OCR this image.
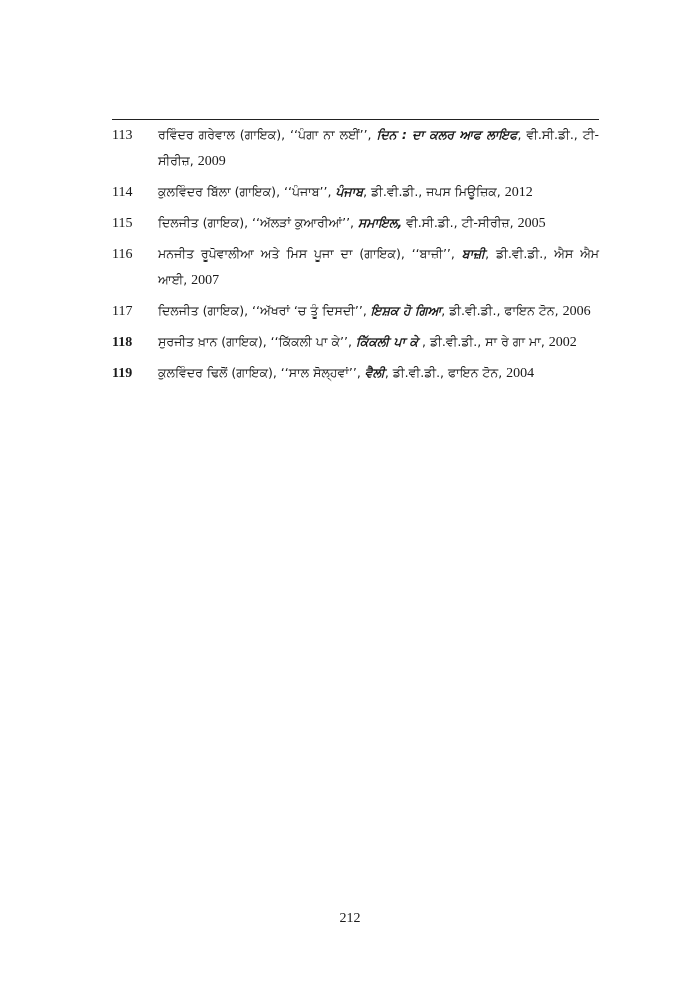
113	ਰਵਿੰਦਰ ਗਰੇਵਾਲ (ਗਾਇਕ), ‘‘ਪੰਗਾ ਨਾ ਲਈਂ’’, ਦਿਨ : ਦਾ ਕਲਰ ਆਫ ਲਾਇਫ, ਵੀ.ਸੀ.ਡੀ., ਟੀ-ਸੀਰੀਜ਼, 2009
114	ਕੁਲਵਿੰਦਰ ਬਿੱਲਾ (ਗਾਇਕ), ‘‘ਪੰਜਾਬ’’, ਪੰਜਾਬ, ਡੀ.ਵੀ.ਡੀ., ਜਪਸ ਮਿਊਜ਼ਿਕ, 2012
115	ਦਿਲਜੀਤ (ਗਾਇਕ), ‘‘ਅੱਲੜਾਂ ਕੁਆਰੀਆਂ’’, ਸਮਾਇਲ, ਵੀ.ਸੀ.ਡੀ., ਟੀ-ਸੀਰੀਜ਼, 2005
116	ਮਨਜੀਤ ਰੂਪੋਵਾਲੀਆ ਅਤੇ ਮਿਸ ਪੂਜਾ ਦਾ (ਗਾਇਕ), ‘‘ਬਾਜ਼ੀ’’, ਬਾਜ਼ੀ, ਡੀ.ਵੀ.ਡੀ., ਐਸ ਐਮ ਆਈ, 2007
117	ਦਿਲਜੀਤ (ਗਾਇਕ), ‘‘ਅੱਖਰਾਂ ‘ਚ ਤੂੰ ਦਿਸਦੀ’’, ਇਸ਼ਕ ਹੋ ਗਿਆ, ਡੀ.ਵੀ.ਡੀ., ਫਾਇਨ ਟੋਨ, 2006
118	ਸੁਰਜੀਤ ਖ਼ਾਨ (ਗਾਇਕ), ‘‘ਕਿੱਕਲੀ ਪਾ ਕੇ’’, ਕਿੱਕਲੀ ਪਾ ਕੇ , ਡੀ.ਵੀ.ਡੀ., ਸਾ ਰੇ ਗਾ ਮਾ, 2002
119	ਕੁਲਵਿੰਦਰ ਢਿਲੋਂ (ਗਾਇਕ), ‘‘ਸਾਲ ਸੋਲ੍ਹਵਾਂ’’, ਵੈਲੀ, ਡੀ.ਵੀ.ਡੀ., ਫਾਇਨ ਟੋਨ, 2004
212
